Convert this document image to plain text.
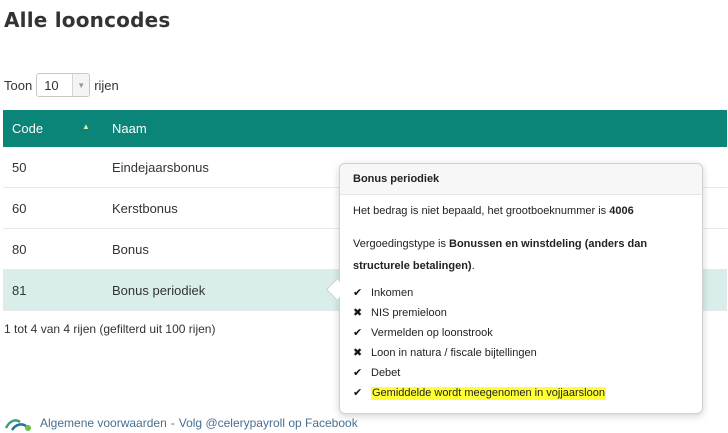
Alle looncodes
Toon 10	▼ rijen
Code ▲	Naam
50	Eindejaarsbonus
60	Kerstbonus
80	Bonus
81	Bonus periodiek
1 tot 4 van 4 rijen (gefilterd uit 100 rijen)
Algemene voorwaarden - Volg @celerypayroll op Facebook
Bonus periodiek

Het bedrag is niet bepaald, het grootboeknummer is 4006

Vergoedingstype is Bonussen en winstdeling (anders dan structurele betalingen).

✔ Inkomen
✖ NIS premieloon
✔ Vermelden op loonstrook
✖ Loon in natura / fiscale bijtellingen
✔ Debet
✔ Gemiddelde wordt meegenomen in vojjaarsloon
